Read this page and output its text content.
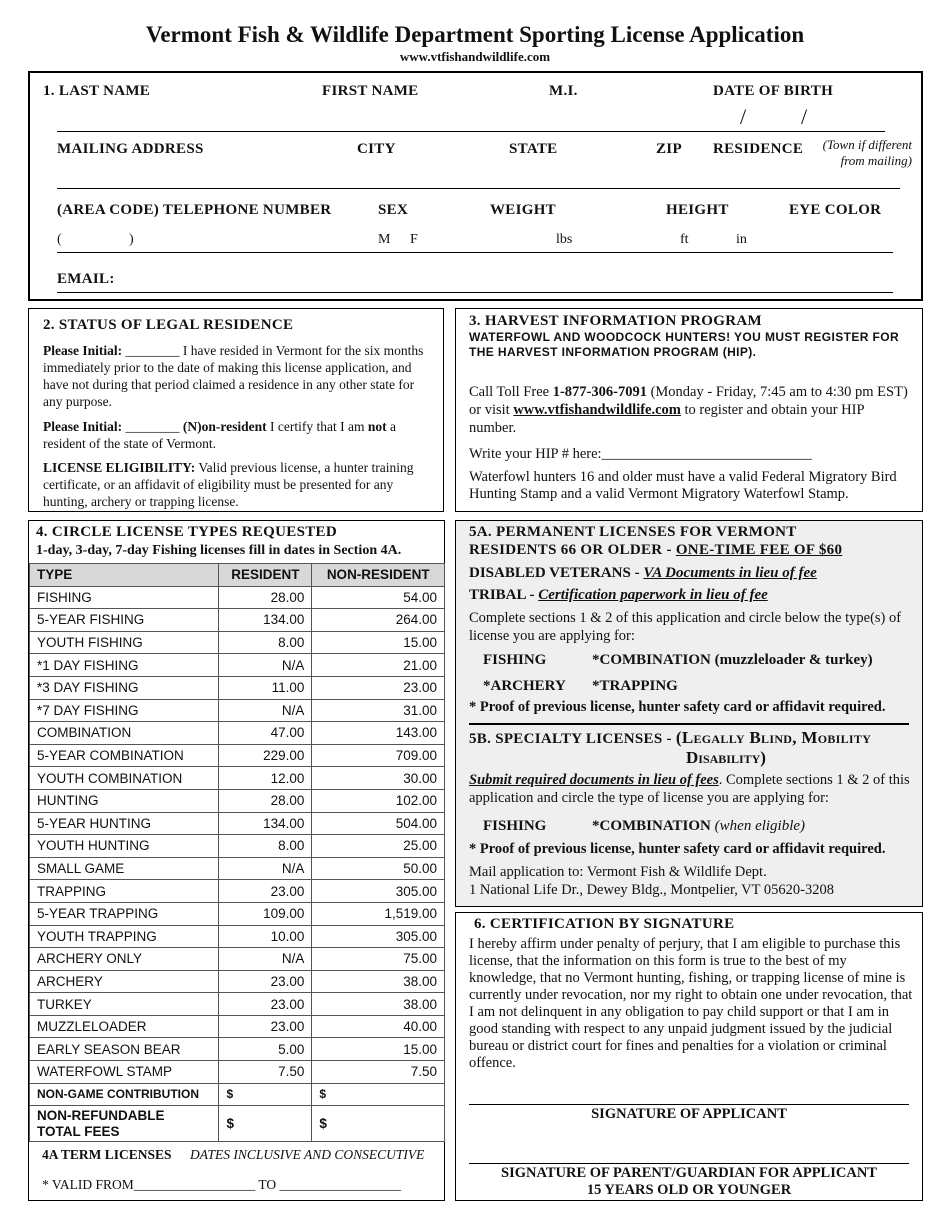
Vermont Fish & Wildlife Department Sporting License Application
www.vtfishandwildlife.com
1. LAST NAME	FIRST NAME	M.I.	DATE OF BIRTH
/ /
MAILING ADDRESS	CITY	STATE	ZIP RESIDENCE	(Town if different from mailing)
(AREA CODE) TELEPHONE NUMBER	SEX	WEIGHT	HEIGHT	EYE COLOR
(	)	M F	lbs	ft	in
EMAIL:
2. STATUS OF LEGAL RESIDENCE
Please Initial: ________ I have resided in Vermont for the six months immediately prior to the date of making this license application, and have not during that period claimed a residence in any other state for any purpose.
Please Initial: ________ (N)on-resident I certify that I am not a resident of the state of Vermont.
LICENSE ELIGIBILITY: Valid previous license, a hunter training certificate, or an affidavit of eligibility must be presented for any hunting, archery or trapping license.
3. HARVEST INFORMATION PROGRAM
WATERFOWL AND WOODCOCK HUNTERS! YOU MUST REGISTER FOR THE HARVEST INFORMATION PROGRAM (HIP).
Call Toll Free 1-877-306-7091 (Monday - Friday, 7:45 am to 4:30 pm EST) or visit www.vtfishandwildlife.com to register and obtain your HIP number.
Write your HIP # here:_____________________________
Waterfowl hunters 16 and older must have a valid Federal Migratory Bird Hunting Stamp and a valid Vermont Migratory Waterfowl Stamp.
4. CIRCLE LICENSE TYPES REQUESTED
1-day, 3-day, 7-day Fishing licenses fill in dates in Section 4A.
TYPE	RESIDENT	NON-RESIDENT
FISHING	28.00	54.00
5-YEAR FISHING	134.00	264.00
YOUTH FISHING	8.00	15.00
*1 DAY FISHING	N/A	21.00
*3 DAY FISHING	11.00	23.00
*7 DAY FISHING	N/A	31.00
COMBINATION	47.00	143.00
5-YEAR COMBINATION	229.00	709.00
YOUTH COMBINATION	12.00	30.00
HUNTING	28.00	102.00
5-YEAR HUNTING	134.00	504.00
YOUTH HUNTING	8.00	25.00
SMALL GAME	N/A	50.00
TRAPPING	23.00	305.00
5-YEAR TRAPPING	109.00	1,519.00
YOUTH TRAPPING	10.00	305.00
ARCHERY ONLY	N/A	75.00
ARCHERY	23.00	38.00
TURKEY	23.00	38.00
MUZZLELOADER	23.00	40.00
EARLY SEASON BEAR	5.00	15.00
WATERFOWL STAMP	7.50	7.50
NON-GAME CONTRIBUTION	$	$
NON-REFUNDABLE TOTAL FEES	$	$
4A TERM LICENSES DATES INCLUSIVE AND CONSECUTIVE
* VALID FROM__________________ TO __________________
5A. PERMANENT LICENSES FOR VERMONT
RESIDENTS 66 OR OLDER - ONE-TIME FEE OF $60
DISABLED VETERANS - VA Documents in lieu of fee
TRIBAL - Certification paperwork in lieu of fee
Complete sections 1 & 2 of this application and circle below the type(s) of license you are applying for:
FISHING	*COMBINATION (muzzleloader & turkey)
*ARCHERY *TRAPPING
* Proof of previous license, hunter safety card or affidavit required.
5B. SPECIALTY LICENSES - (Legally Blind, Mobility
Disability)
Submit required documents in lieu of fees. Complete sections 1 & 2 of this application and circle the type of license you are applying for:
FISHING	*COMBINATION (when eligible)
* Proof of previous license, hunter safety card or affidavit required.
Mail application to: Vermont Fish & Wildlife Dept.
1 National Life Dr., Dewey Bldg., Montpelier, VT 05620-3208
6. CERTIFICATION BY SIGNATURE
I hereby affirm under penalty of perjury, that I am eligible to purchase this license, that the information on this form is true to the best of my knowledge, that no Vermont hunting, fishing, or trapping license of mine is currently under revocation, nor my right to obtain one under revocation, that I am not delinquent in any obligation to pay child support or that I am in good standing with respect to any unpaid judgment issued by the judicial bureau or district court for fines and penalties for a violation or criminal offence.
SIGNATURE OF APPLICANT
SIGNATURE OF PARENT/GUARDIAN FOR APPLICANT
15 YEARS OLD OR YOUNGER
